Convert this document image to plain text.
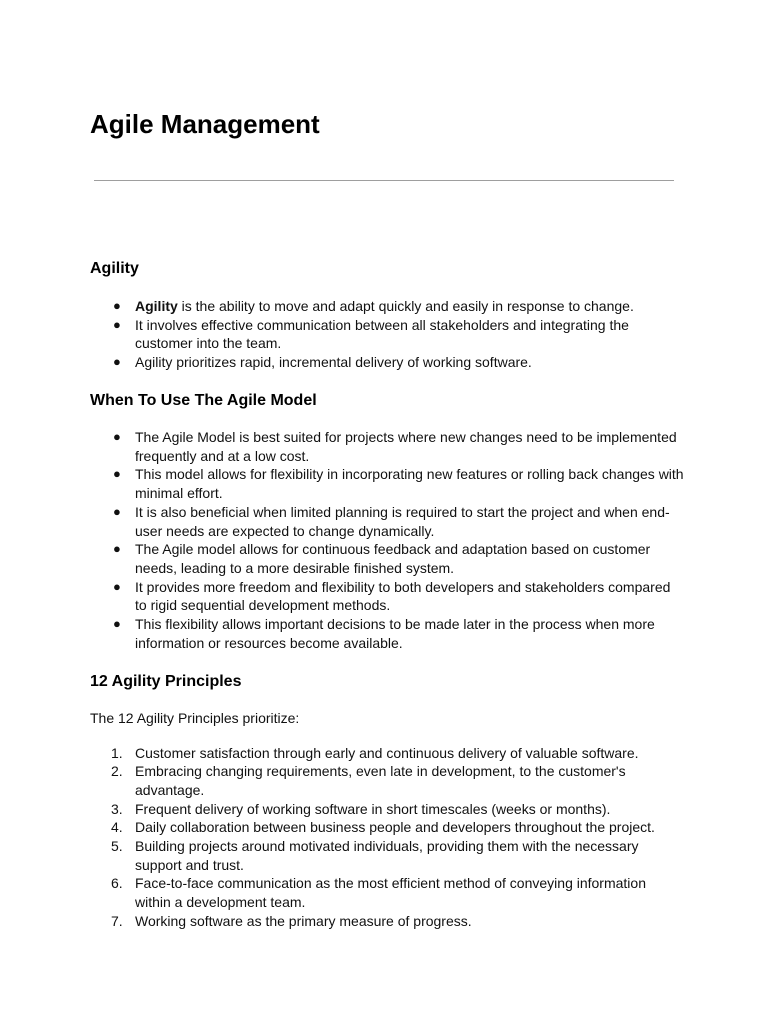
Agile Management
Agility
● Agility is the ability to move and adapt quickly and easily in response to change.
● It involves effective communication between all stakeholders and integrating the customer into the team.
● Agility prioritizes rapid, incremental delivery of working software.
When To Use The Agile Model
● The Agile Model is best suited for projects where new changes need to be implemented frequently and at a low cost.
● This model allows for flexibility in incorporating new features or rolling back changes with minimal effort.
● It is also beneficial when limited planning is required to start the project and when end-user needs are expected to change dynamically.
● The Agile model allows for continuous feedback and adaptation based on customer needs, leading to a more desirable finished system.
● It provides more freedom and flexibility to both developers and stakeholders compared to rigid sequential development methods.
● This flexibility allows important decisions to be made later in the process when more information or resources become available.
12 Agility Principles

The 12 Agility Principles prioritize:

1. Customer satisfaction through early and continuous delivery of valuable software.
2. Embracing changing requirements, even late in development, to the customer's advantage.
3. Frequent delivery of working software in short timescales (weeks or months).
4. Daily collaboration between business people and developers throughout the project.
5. Building projects around motivated individuals, providing them with the necessary support and trust.
6. Face-to-face communication as the most efficient method of conveying information within a development team.
7. Working software as the primary measure of progress.
